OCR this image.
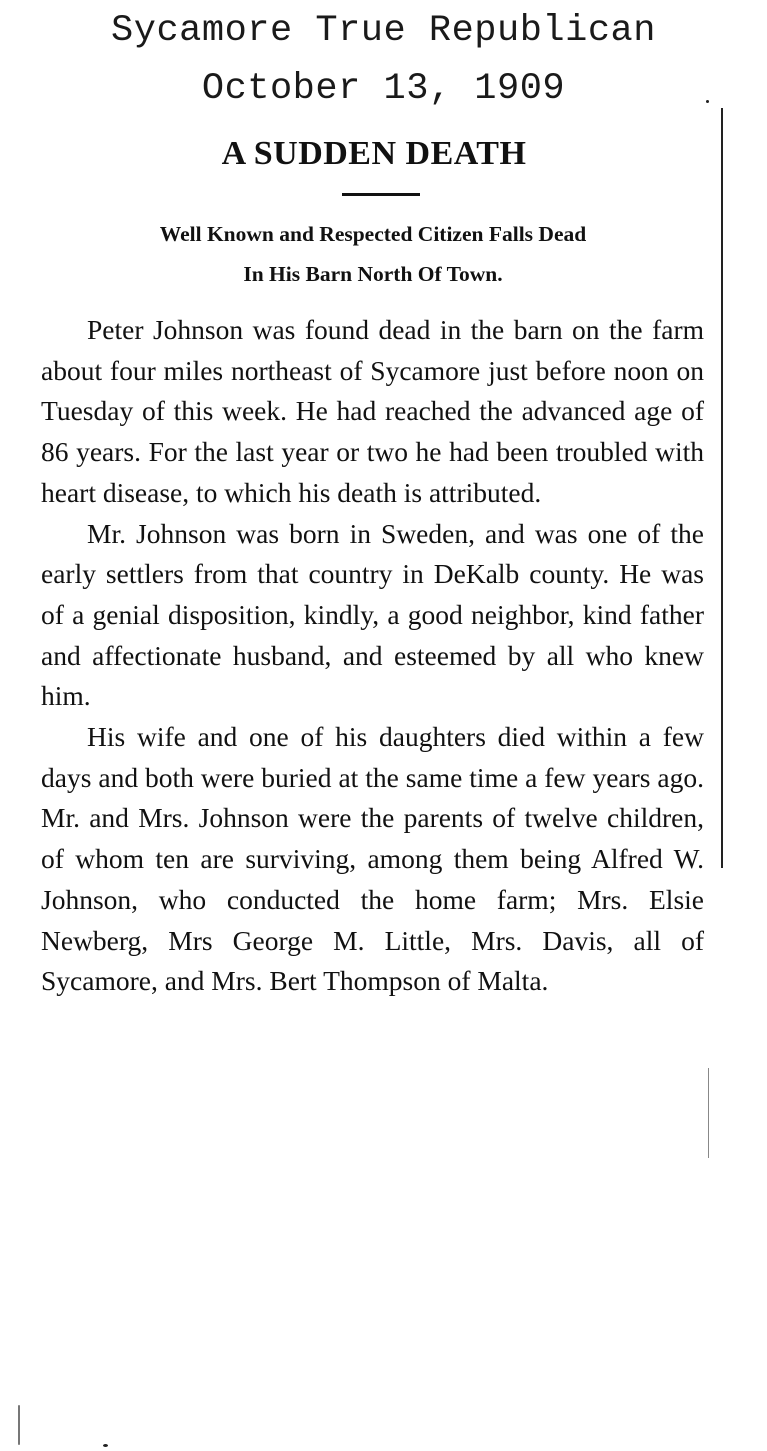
Sycamore True Republican
October 13, 1909
A SUDDEN DEATH
Well Known and Respected Citizen Falls Dead
In His Barn North Of Town.

Peter Johnson was found dead in the barn on the farm about four miles northeast of Sycamore just before noon on Tuesday of this week. He had reached the advanced age of 86 years. For the last year or two he had been troubled with heart disease, to which his death is attributed.

Mr. Johnson was born in Sweden, and was one of the early settlers from that country in DeKalb county. He was of a genial disposition, kindly, a good neighbor, kind father and affectionate husband, and esteemed by all who knew him.

His wife and one of his daughters died within a few days and both were buried at the same time a few years ago. Mr. and Mrs. Johnson were the parents of twelve children, of whom ten are surviving, among them being Alfred W. Johnson, who conducted the home farm; Mrs. Elsie Newberg, Mrs George M. Little, Mrs. Davis, all of Sycamore, and Mrs. Bert Thompson of Malta.
